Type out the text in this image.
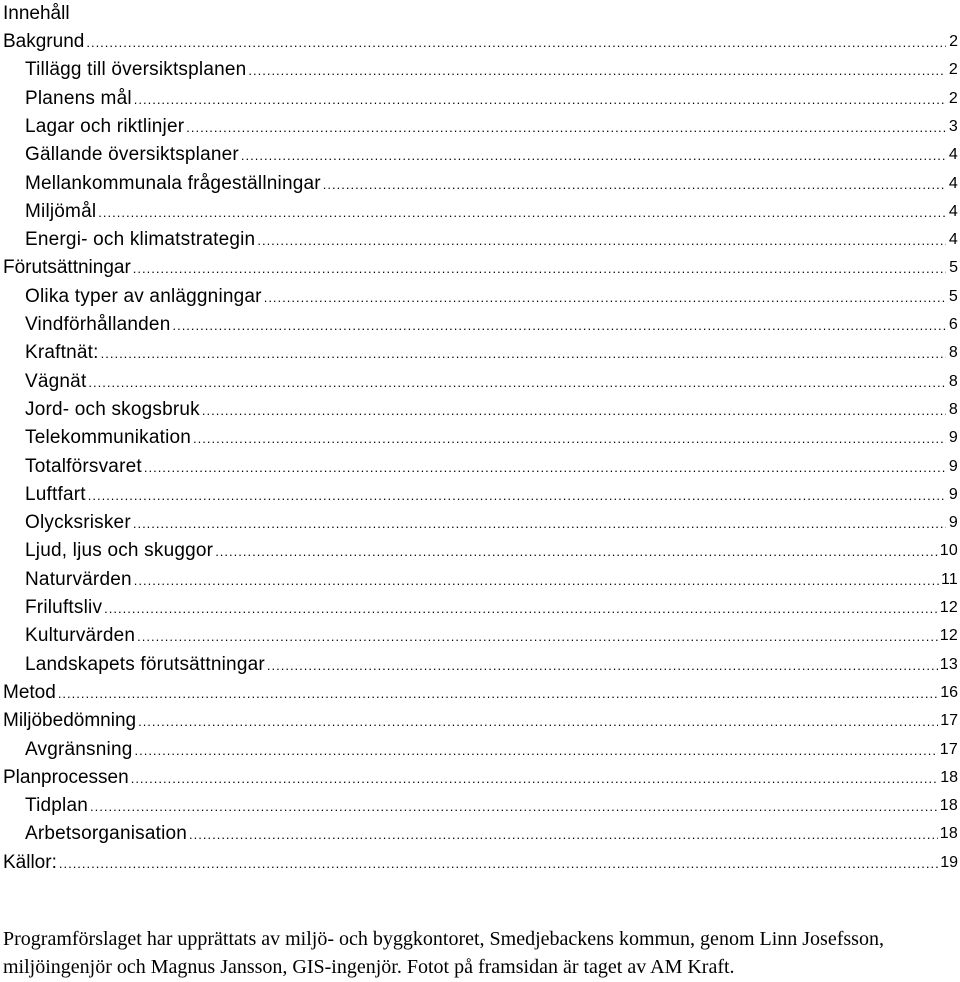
Innehåll
Bakgrund .....	2
Tillägg till översiktsplanen .....	2
Planens mål .....	2
Lagar och riktlinjer .....	3
Gällande översiktsplaner .....	4
Mellankommunala frågeställningar .....	4
Miljömål .....	4
Energi- och klimatstrategin .....	4
Förutsättningar .....	5
Olika typer av anläggningar .....	5
Vindförhållanden .....	6
Kraftnät: .....	8
Vägnät .....	8
Jord- och skogsbruk .....	8
Telekommunikation .....	9
Totalförsvaret .....	9
Luftfart .....	9
Olycksrisker .....	9
Ljud, ljus och skuggor .....	10
Naturvärden .....	11
Friluftsliv .....	12
Kulturvärden .....	12
Landskapets förutsättningar .....	13
Metod .....	16
Miljöbedömning .....	17
Avgränsning .....	17
Planprocessen .....	18
Tidplan .....	18
Arbetsorganisation .....	18
Källor: .....	19

Programförslaget har upprättats av miljö- och byggkontoret, Smedjebackens kommun, genom Linn Josefsson, miljöingenjör och Magnus Jansson, GIS-ingenjör. Fotot på framsidan är taget av AM Kraft.
